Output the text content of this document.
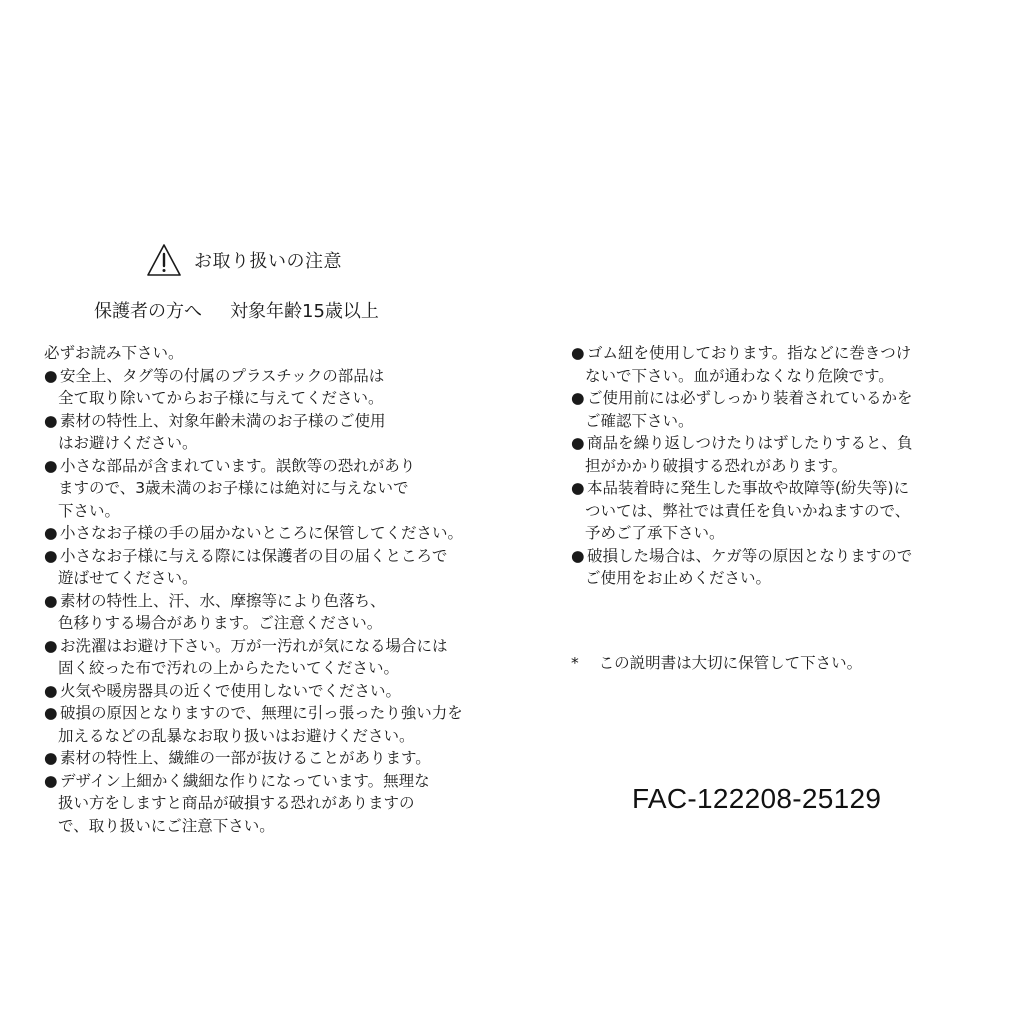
お取り扱いの注意
保護者の方へ 対象年齢15歳以上
必ずお読み下さい。
● 安全上、タグ等の付属のプラスチックの部品は
全て取り除いてからお子様に与えてください。
● 素材の特性上、対象年齢未満のお子様のご使用
はお避けください。
● 小さな部品が含まれています。誤飲等の恐れがあり
ますので、3歳未満のお子様には絶対に与えないで
下さい。
● 小さなお子様の手の届かないところに保管してください。
● 小さなお子様に与える際には保護者の目の届くところで
遊ばせてください。
● 素材の特性上、汗、水、摩擦等により色落ち、
色移りする場合があります。ご注意ください。
● お洗濯はお避け下さい。万が一汚れが気になる場合には
固く絞った布で汚れの上からたたいてください。
● 火気や暖房器具の近くで使用しないでください。
● 破損の原因となりますので、無理に引っ張ったり強い力を
加えるなどの乱暴なお取り扱いはお避けください。
● 素材の特性上、繊維の一部が抜けることがあります。
● デザイン上細かく繊細な作りになっています。無理な
扱い方をしますと商品が破損する恐れがありますの
で、取り扱いにご注意下さい。
● ゴム紐を使用しております。指などに巻きつけ
ないで下さい。血が通わなくなり危険です。
● ご使用前には必ずしっかり装着されているかを
ご確認下さい。
● 商品を繰り返しつけたりはずしたりすると、負
担がかかり破損する恐れがあります。
● 本品装着時に発生した事故や故障等(紛失等)に
ついては、弊社では責任を負いかねますので、
予めご了承下さい。
● 破損した場合は、ケガ等の原因となりますので
ご使用をお止めください。
* この説明書は大切に保管して下さい。
FAC-122208-25129
